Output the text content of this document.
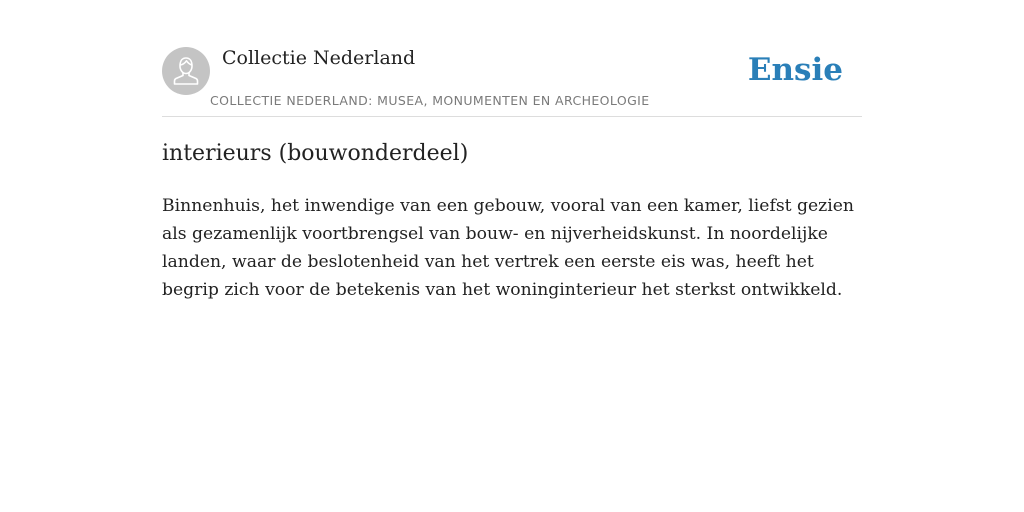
Collectie Nederland
COLLECTIE NEDERLAND: MUSEA, MONUMENTEN EN ARCHEOLOGIE
Ensie
interieurs (bouwonderdeel)

Binnenhuis, het inwendige van een gebouw, vooral van een kamer, liefst gezien als gezamenlijk voortbrengsel van bouw- en nijverheidskunst. In noordelijke landen, waar de beslotenheid van het vertrek een eerste eis was, heeft het begrip zich voor de betekenis van het woninginterieur het sterkst ontwikkeld.
